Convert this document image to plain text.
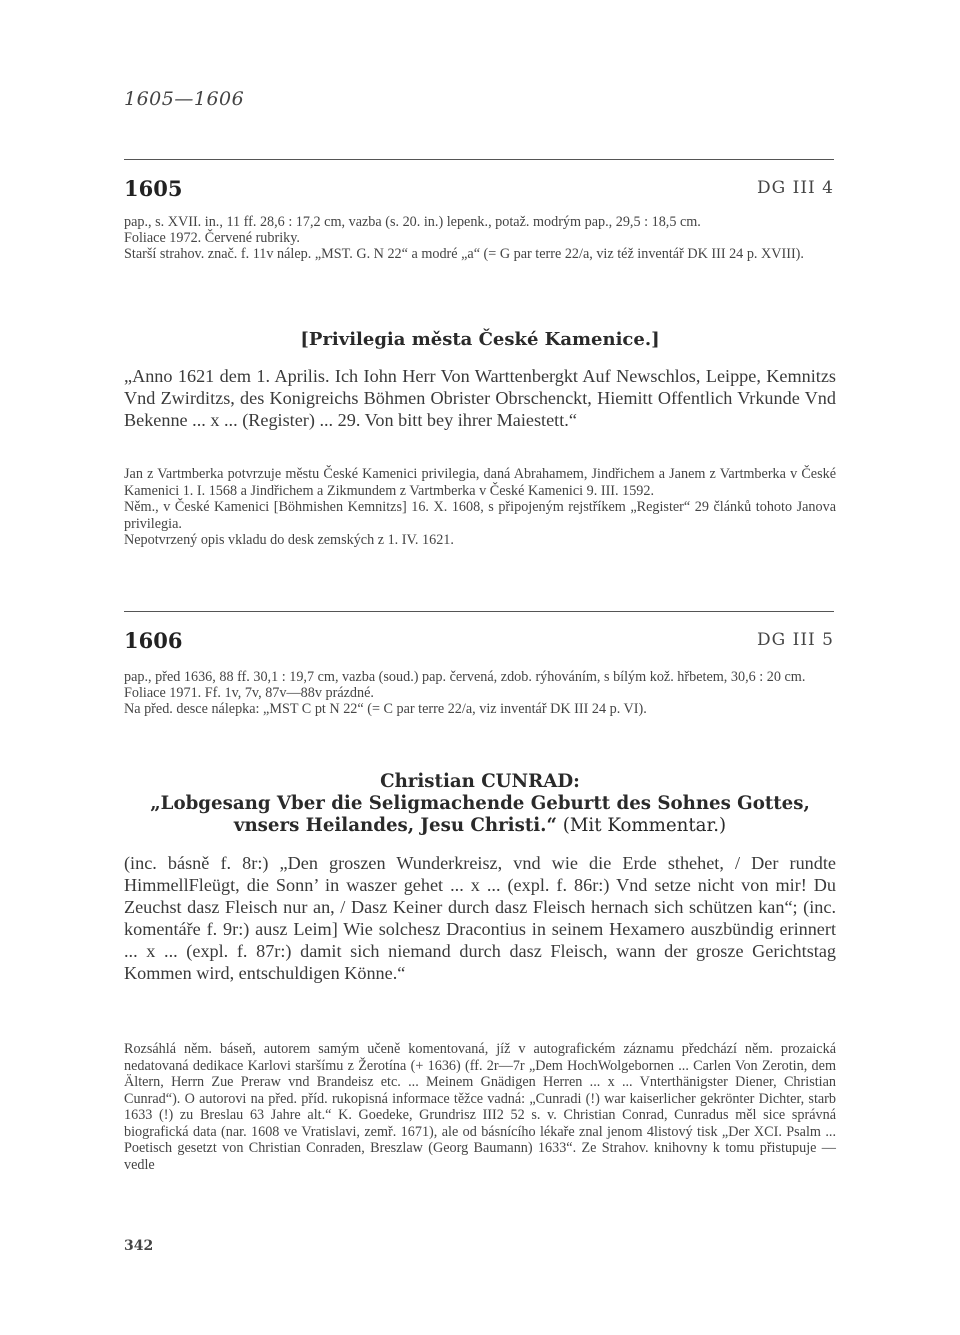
1605—1606
1605	DG III 4

pap., s. XVII. in., 11 ff. 28,6 : 17,2 cm, vazba (s. 20. in.) lepenk., potaž. modrým pap., 29,5 : 18,5 cm.

Foliace 1972. Červené rubriky.

Starší strahov. znač. f. 11v nálep. „MST. G. N 22“ a modré „a“ (= G par terre 22/a, viz též inventář DK III 24 p. XVIII).

[Privilegia města České Kamenice.]

„Anno 1621 dem 1. Aprilis. Ich Iohn Herr Von Warttenbergkt Auf Newschlos, Leippe, Kemnitzs Vnd Zwirditzs, des Konigreichs Böhmen Obrister Obrschenckt, Hiemitt Offentlich Vrkunde Vnd Bekenne ... x ... (Register) ... 29. Von bitt bey ihrer Maiestett.“

Jan z Vartmberka potvrzuje městu České Kamenici privilegia, daná Abrahamem, Jindřichem a Janem z Vartmberka v České Kamenici 1. I. 1568 a Jindřichem a Zikmundem z Vartmberka v České Kamenici 9. III. 1592.

Něm., v České Kamenici [Böhmishen Kemnitzs] 16. X. 1608, s připojeným rejstříkem „Register“ 29 článků tohoto Janova privilegia.

Nepotvrzený opis vkladu do desk zemských z 1. IV. 1621.

1606	DG III 5

pap., před 1636, 88 ff. 30,1 : 19,7 cm, vazba (soud.) pap. červená, zdob. rýhováním, s bílým kož. hřbetem, 30,6 : 20 cm.

Foliace 1971. Ff. 1v, 7v, 87v—88v prázdné.

Na před. desce nálepka: „MST C pt N 22“ (= C par terre 22/a, viz inventář DK III 24 p. VI).

Christian CUNRAD:
„Lobgesang Vber die Seligmachende Geburtt des Sohnes Gottes,
vnsers Heilandes, Jesu Christi.“ (Mit Kommentar.)

(inc. básně f. 8r:) „Den groszen Wunderkreisz, vnd wie die Erde sthehet, / Der rundte HimmellFleügt, die Sonn’ in waszer gehet ... x ... (expl. f. 86r:) Vnd setze nicht von mir! Du Zeuchst dasz Fleisch nur an, / Dasz Keiner durch dasz Fleisch hernach sich schützen kan“; (inc. komentáře f. 9r:) ausz Leim] Wie solchesz Dracontius in seinem Hexamero auszbündig erinnert ... x ... (expl. f. 87r:) damit sich niemand durch dasz Fleisch, wann der grosze Gerichtstag Kommen wird, entschuldigen Könne.“

Rozsáhlá něm. báseň, autorem samým učeně komentovaná, jíž v autografickém záznamu předchází něm. prozaická nedatovaná dedikace Karlovi staršímu z Žerotína (+ 1636) (ff. 2r—7r „Dem HochWolgebornen ... Carlen Von Zerotin, dem Ältern, Herrn Zue Preraw vnd Brandeisz etc. ... Meinem Gnädigen Herren ... x ... Vnterthänigster Diener, Christian Cunrad“). O autorovi na před. příd. rukopisná informace těžce vadná: „Cunradi (!) war kaiserlicher gekrönter Dichter, starb 1633 (!) zu Breslau 63 Jahre alt.“ K. Goedeke, Grundrisz III2 52 s. v. Christian Conrad, Cunradus měl sice správná biografická data (nar. 1608 ve Vratislavi, zemř. 1671), ale od básnícího lékaře znal jenom 4listový tisk „Der XCI. Psalm ... Poetisch gesetzt von Christian Conraden, Breszlaw (Georg Baumann) 1633“. Ze Strahov. knihovny k tomu přistupuje — vedle

342
